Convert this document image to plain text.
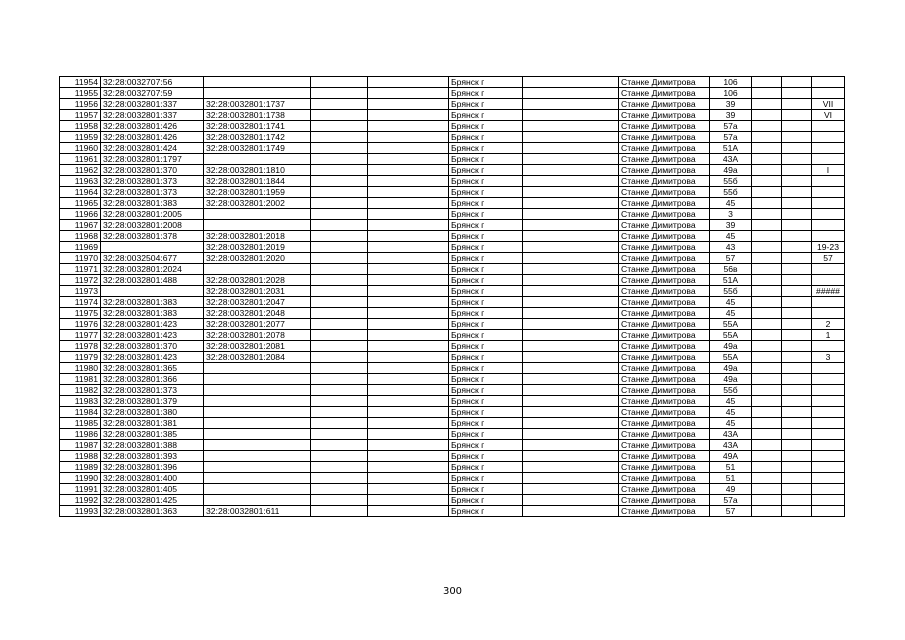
11954	32:28:0032707:56				Брянск г		Станке Димитрова	106			
11955	32:28:0032707:59				Брянск г		Станке Димитрова	106			
11956	32:28:0032801:337	32:28:0032801:1737			Брянск г		Станке Димитрова	39			VII
11957	32:28:0032801:337	32:28:0032801:1738			Брянск г		Станке Димитрова	39			VI
11958	32:28:0032801:426	32:28:0032801:1741			Брянск г		Станке Димитрова	57а			
11959	32:28:0032801:426	32:28:0032801:1742			Брянск г		Станке Димитрова	57а			
11960	32:28:0032801:424	32:28:0032801:1749			Брянск г		Станке Димитрова	51А			
11961	32:28:0032801:1797				Брянск г		Станке Димитрова	43А			
11962	32:28:0032801:370	32:28:0032801:1810			Брянск г		Станке Димитрова	49а			I
11963	32:28:0032801:373	32:28:0032801:1844			Брянск г		Станке Димитрова	55б			
11964	32:28:0032801:373	32:28:0032801:1959			Брянск г		Станке Димитрова	55б			
11965	32:28:0032801:383	32:28:0032801:2002			Брянск г		Станке Димитрова	45			
11966	32:28:0032801:2005				Брянск г		Станке Димитрова	3			
11967	32:28:0032801:2008				Брянск г		Станке Димитрова	39			
11968	32:28:0032801:378	32:28:0032801:2018			Брянск г		Станке Димитрова	45			
11969		32:28:0032801:2019			Брянск г		Станке Димитрова	43			19-23
11970	32:28:0032504:677	32:28:0032801:2020			Брянск г		Станке Димитрова	57			57
11971	32:28:0032801:2024				Брянск г		Станке Димитрова	56в			
11972	32:28:0032801:488	32:28:0032801:2028			Брянск г		Станке Димитрова	51А			
11973		32:28:0032801:2031			Брянск г		Станке Димитрова	55б			#####
11974	32:28:0032801:383	32:28:0032801:2047			Брянск г		Станке Димитрова	45			
11975	32:28:0032801:383	32:28:0032801:2048			Брянск г		Станке Димитрова	45			
11976	32:28:0032801:423	32:28:0032801:2077			Брянск г		Станке Димитрова	55А			2
11977	32:28:0032801:423	32:28:0032801:2078			Брянск г		Станке Димитрова	55А			1
11978	32:28:0032801:370	32:28:0032801:2081			Брянск г		Станке Димитрова	49а			
11979	32:28:0032801:423	32:28:0032801:2084			Брянск г		Станке Димитрова	55А			3
11980	32:28:0032801:365				Брянск г		Станке Димитрова	49а			
11981	32:28:0032801:366				Брянск г		Станке Димитрова	49а			
11982	32:28:0032801:373				Брянск г		Станке Димитрова	55б			
11983	32:28:0032801:379				Брянск г		Станке Димитрова	45			
11984	32:28:0032801:380				Брянск г		Станке Димитрова	45			
11985	32:28:0032801:381				Брянск г		Станке Димитрова	45			
11986	32:28:0032801:385				Брянск г		Станке Димитрова	43А			
11987	32:28:0032801:388				Брянск г		Станке Димитрова	43А			
11988	32:28:0032801:393				Брянск г		Станке Димитрова	49А			
11989	32:28:0032801:396				Брянск г		Станке Димитрова	51			
11990	32:28:0032801:400				Брянск г		Станке Димитрова	51			
11991	32:28:0032801:405				Брянск г		Станке Димитрова	49			
11992	32:28:0032801:425				Брянск г		Станке Димитрова	57а			
11993	32:28:0032801:363	32:28:0032801:611			Брянск г		Станке Димитрова	57			
300
